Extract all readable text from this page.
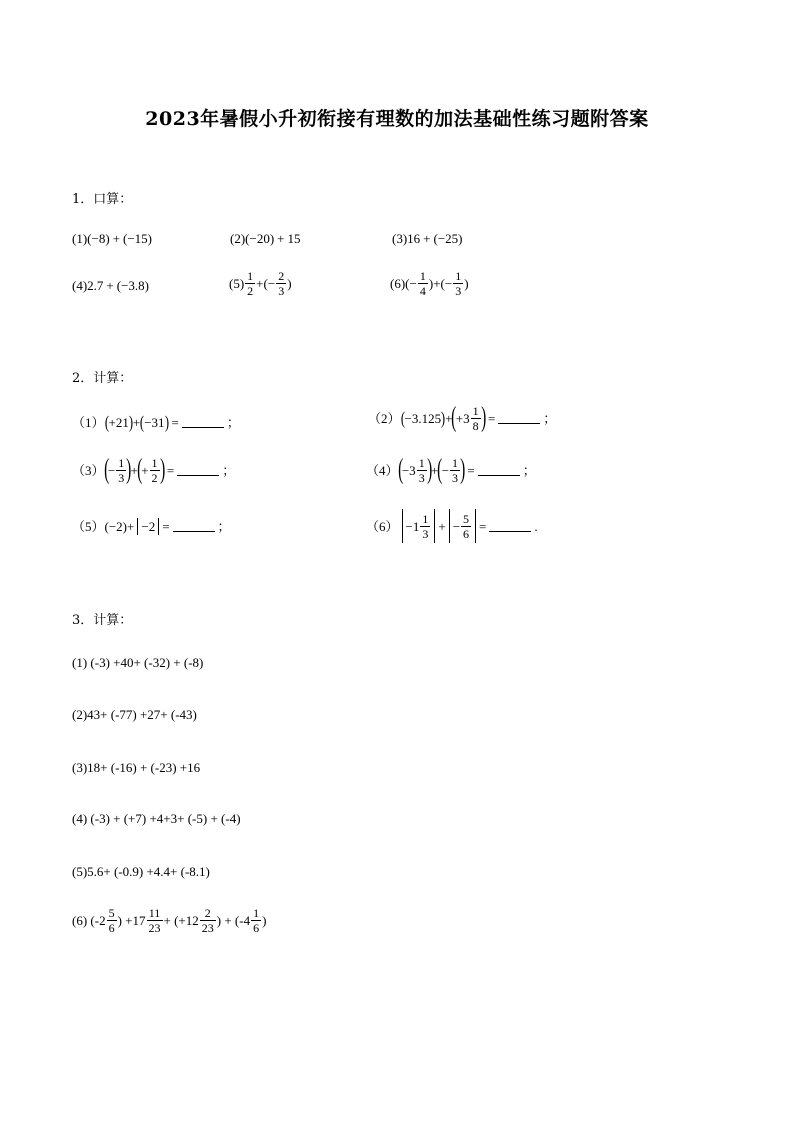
2023年暑假小升初衔接有理数的加法基础性练习题附答案
1．口算：
(1) (−8) + (−15)	(2) (−20) + 15	(3) 16 + (−25)
(4) 2.7 + (−3.8)	$(5) \frac{1}{2}$ + (− $\frac{2}{3}$ )	(6) (− $\frac{1}{4}$ ) + (− $\frac{1}{3}$ )
2．计算：
（1） ( +21 ) + ( −31 ) =	；	（2） ( −3.125 ) + ( $+3 \frac{1}{8}$ ) =	；
（3） ( − $\frac{1}{3}$ ) + ( + $\frac{1}{2}$ ) =	；	（4） ( $-3 \frac{1}{3}$ ) + ( − $\frac{1}{3}$ ) =	；
（5） (−2) + −2 =	；	$(6) -1 \frac{1}{3}$ + − $\frac{5}{6}$ =	.
3．计算：
(1) (-3) +40+ (-32) + (-8)
(2)43+ (-77) +27+ (-43)
(3)18+ (-16) + (-23) +16
(4) (-3) + (+7) +4+3+ (-5) + (-4)
(5)5.6+ (-0.9) +4.4+ (-8.1)
(6) ($-2 \frac{5}{6}$ ) $+17 \frac{11}{23} + (+12 \frac{2}{23}$ ) + ($-4 \frac{1}{6}$ )
